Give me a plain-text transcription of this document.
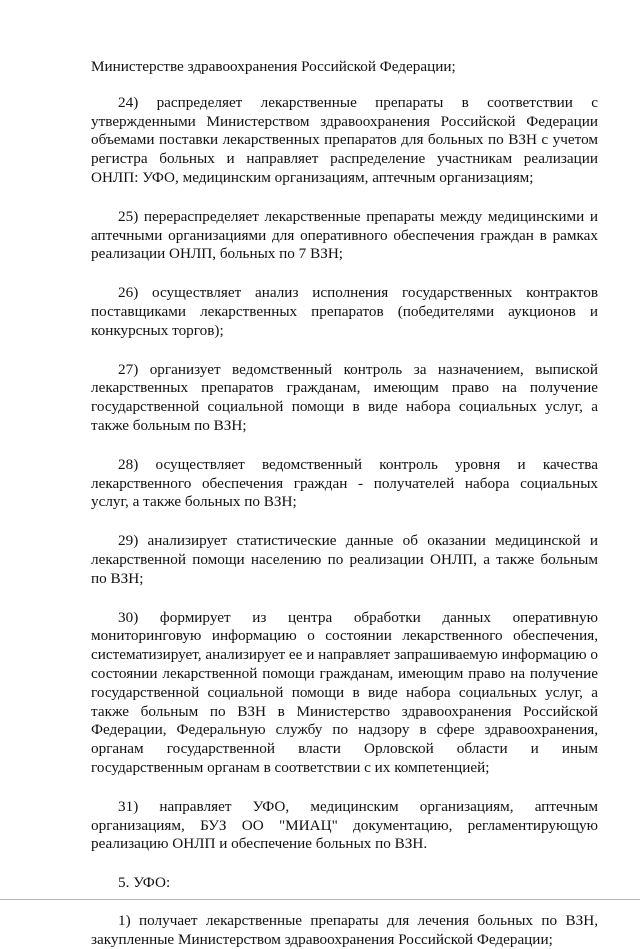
Министерстве здравоохранения Российской Федерации;

24) распределяет лекарственные препараты в соответствии с утвержденными Министерством здравоохранения Российской Федерации объемами поставки лекарственных препаратов для больных по ВЗН с учетом регистра больных и направляет распределение участникам реализации ОНЛП: УФО, медицинским организациям, аптечным организациям;

25) перераспределяет лекарственные препараты между медицинскими и аптечными организациями для оперативного обеспечения граждан в рамках реализации ОНЛП, больных по 7 ВЗН;

26) осуществляет анализ исполнения государственных контрактов поставщиками лекарственных препаратов (победителями аукционов и конкурсных торгов);

27) организует ведомственный контроль за назначением, выпиской лекарственных препаратов гражданам, имеющим право на получение государственной социальной помощи в виде набора социальных услуг, а также больным по ВЗН;

28) осуществляет ведомственный контроль уровня и качества лекарственного обеспечения граждан - получателей набора социальных услуг, а также больных по ВЗН;

29) анализирует статистические данные об оказании медицинской и лекарственной помощи населению по реализации ОНЛП, а также больным по ВЗН;

30) формирует из центра обработки данных оперативную мониторинговую информацию о состоянии лекарственного обеспечения, систематизирует, анализирует ее и направляет запрашиваемую информацию о состоянии лекарственной помощи гражданам, имеющим право на получение государственной социальной помощи в виде набора социальных услуг, а также больным по ВЗН в Министерство здравоохранения Российской Федерации, Федеральную службу по надзору в сфере здравоохранения, органам государственной власти Орловской области и иным государственным органам в соответствии с их компетенцией;

31) направляет УФО, медицинским организациям, аптечным организациям, БУЗ ОО "МИАЦ" документацию, регламентирующую реализацию ОНЛП и обеспечение больных по ВЗН.

5. УФО:

1) получает лекарственные препараты для лечения больных по ВЗН, закупленные Министерством здравоохранения Российской Федерации;
